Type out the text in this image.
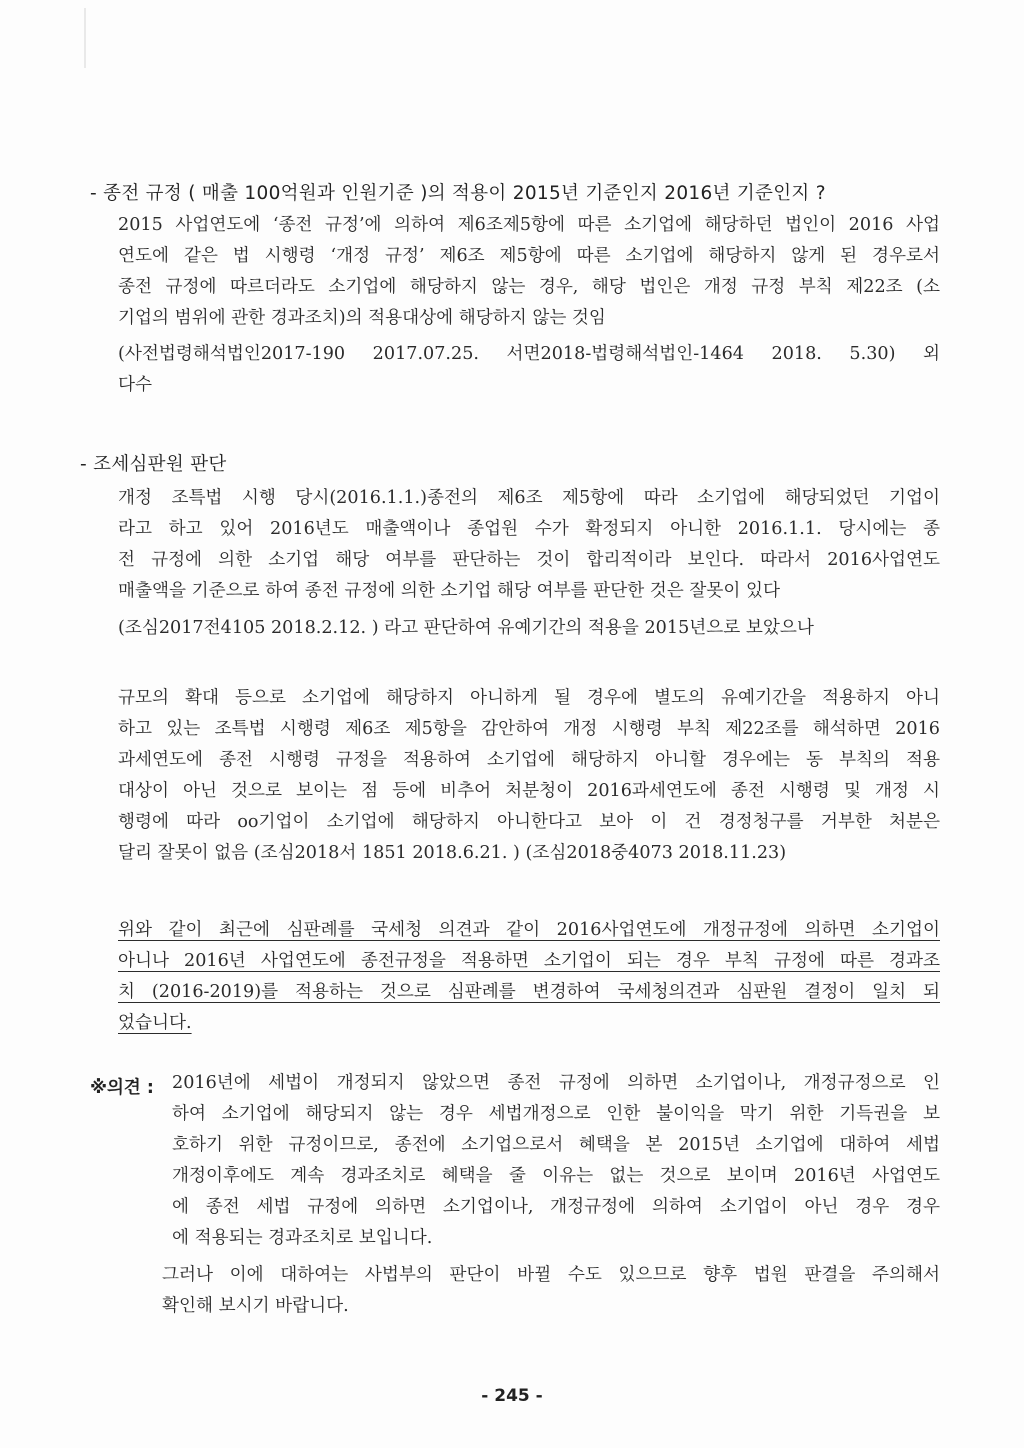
- 종전 규정 ( 매출 100억원과 인원기준 )의 적용이 2015년 기준인지 2016년 기준인지 ?
2015 사업연도에 ‘종전 규정’에 의하여 제6조제5항에 따른 소기업에 해당하던 법인이 2016 사업
연도에 같은 법 시행령 ‘개정 규정’ 제6조 제5항에 따른 소기업에 해당하지 않게 된 경우로서
종전 규정에 따르더라도 소기업에 해당하지 않는 경우, 해당 법인은 개정 규정 부칙 제22조 (소
기업의 범위에 관한 경과조치)의 적용대상에 해당하지 않는 것임
(사전법령해석법인2017-190 2017.07.25. 서면2018-법령해석법인-1464 2018. 5.30) 외
다수
- 조세심판원 판단
개정 조특법 시행 당시(2016.1.1.)종전의 제6조 제5항에 따라 소기업에 해당되었던 기업이
라고 하고 있어 2016년도 매출액이나 종업원 수가 확정되지 아니한 2016.1.1. 당시에는 종
전 규정에 의한 소기업 해당 여부를 판단하는 것이 합리적이라 보인다. 따라서 2016사업연도
매출액을 기준으로 하여 종전 규정에 의한 소기업 해당 여부를 판단한 것은 잘못이 있다
(조심2017전4105 2018.2.12. ) 라고 판단하여 유예기간의 적용을 2015년으로 보았으나
규모의 확대 등으로 소기업에 해당하지 아니하게 될 경우에 별도의 유예기간을 적용하지 아니
하고 있는 조특법 시행령 제6조 제5항을 감안하여 개정 시행령 부칙 제22조를 해석하면 2016
과세연도에 종전 시행령 규정을 적용하여 소기업에 해당하지 아니할 경우에는 동 부칙의 적용
대상이 아닌 것으로 보이는 점 등에 비추어 처분청이 2016과세연도에 종전 시행령 및 개정 시
행령에 따라 oo기업이 소기업에 해당하지 아니한다고 보아 이 건 경정청구를 거부한 처분은
달리 잘못이 없음 (조심2018서 1851 2018.6.21. ) (조심2018중4073 2018.11.23)
위와 같이 최근에 심판례를 국세청 의견과 같이 2016사업연도에 개정규정에 의하면 소기업이
아니나 2016년 사업연도에 종전규정을 적용하면 소기업이 되는 경우 부칙 규정에 따른 경과조
치 (2016-2019)를 적용하는 것으로 심판례를 변경하여 국세청의견과 심판원 결정이 일치 되
었습니다.
※의견 : 2016년에 세법이 개정되지 않았으면 종전 규정에 의하면 소기업이나, 개정규정으로 인
하여 소기업에 해당되지 않는 경우 세법개정으로 인한 불이익을 막기 위한 기득권을 보
호하기 위한 규정이므로, 종전에 소기업으로서 혜택을 본 2015년 소기업에 대하여 세법
개정이후에도 계속 경과조치로 혜택을 줄 이유는 없는 것으로 보이며 2016년 사업연도
에 종전 세법 규정에 의하면 소기업이나, 개정규정에 의하여 소기업이 아닌 경우 경우
에 적용되는 경과조치로 보입니다.
그러나 이에 대하여는 사법부의 판단이 바뀔 수도 있으므로 향후 법원 판결을 주의해서
확인해 보시기 바랍니다.
- 245 -
